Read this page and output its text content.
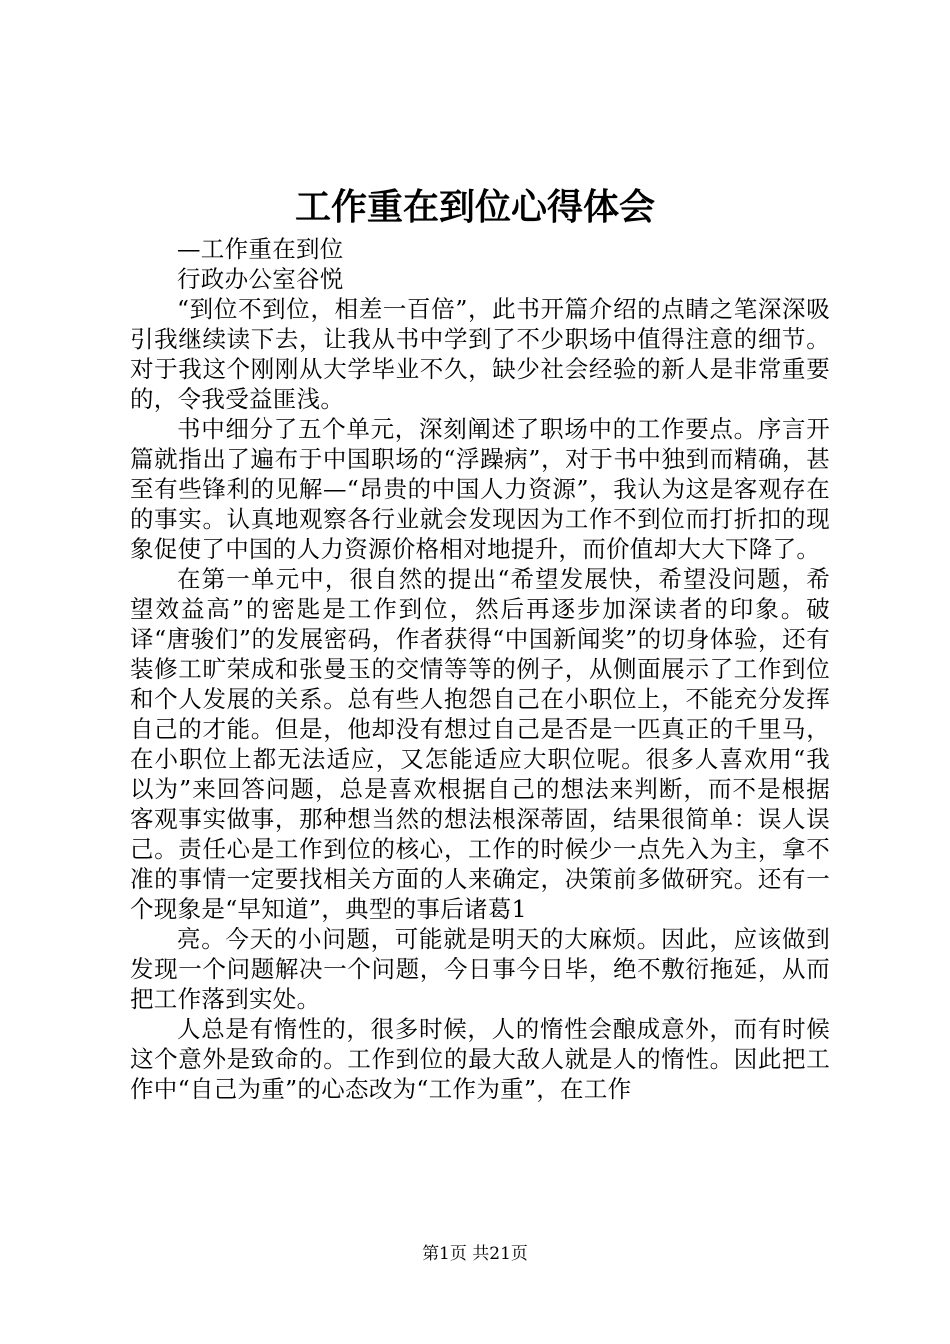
工作重在到位心得体会

—工作重在到位

行政办公室谷悦

“到位不到位，相差一百倍”，此书开篇介绍的点睛之笔深深吸引我继续读下去，让我从书中学到了不少职场中值得注意的细节。对于我这个刚刚从大学毕业不久，缺少社会经验的新人是非常重要的，令我受益匪浅。

书中细分了五个单元，深刻阐述了职场中的工作要点。序言开篇就指出了遍布于中国职场的“浮躁病”，对于书中独到而精确，甚至有些锋利的见解—“昂贵的中国人力资源”，我认为这是客观存在的事实。认真地观察各行业就会发现因为工作不到位而打折扣的现象促使了中国的人力资源价格相对地提升，而价值却大大下降了。

在第一单元中，很自然的提出“希望发展快，希望没问题，希望效益高”的密匙是工作到位，然后再逐步加深读者的印象。破译“唐骏们”的发展密码，作者获得“中国新闻奖”的切身体验，还有装修工旷荣成和张曼玉的交情等等的例子，从侧面展示了工作到位和个人发展的关系。总有些人抱怨自己在小职位上，不能充分发挥自己的才能。但是，他却没有想过自己是否是一匹真正的千里马，在小职位上都无法适应，又怎能适应大职位呢。很多人喜欢用“我以为”来回答问题，总是喜欢根据自己的想法来判断，而不是根据客观事实做事，那种想当然的想法根深蒂固，结果很简单：误人误己。责任心是工作到位的核心，工作的时候少一点先入为主，拿不准的事情一定要找相关方面的人来确定，决策前多做研究。还有一个现象是“早知道”，典型的事后诸葛1

亮。今天的小问题，可能就是明天的大麻烦。因此，应该做到发现一个问题解决一个问题，今日事今日毕，绝不敷衍拖延，从而把工作落到实处。

人总是有惰性的，很多时候，人的惰性会酿成意外，而有时候这个意外是致命的。工作到位的最大敌人就是人的惰性。因此把工作中“自己为重”的心态改为“工作为重”，在工作

第1页 共21页
